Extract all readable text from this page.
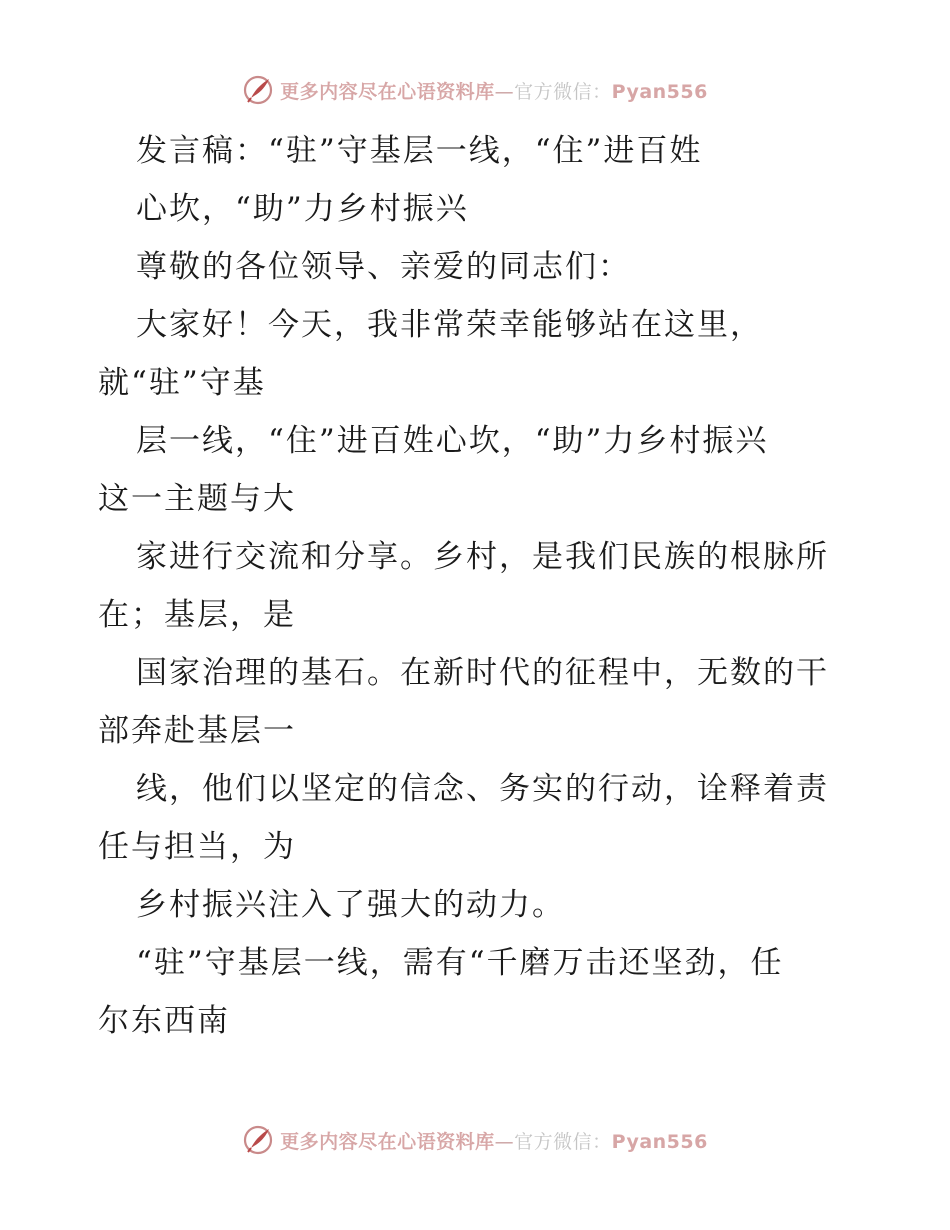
更多内容尽在心语资料库—官方微信：Pyan556
发言稿：“驻”守基层一线，“住”进百姓
心坎，“助”力乡村振兴
尊敬的各位领导、亲爱的同志们：
大家好！今天，我非常荣幸能够站在这里，
就“驻”守基
层一线，“住”进百姓心坎，“助”力乡村振兴
这一主题与大
家进行交流和分享。乡村，是我们民族的根脉所
在；基层，是
国家治理的基石。在新时代的征程中，无数的干
部奔赴基层一
线，他们以坚定的信念、务实的行动，诠释着责
任与担当，为
乡村振兴注入了强大的动力。
“驻”守基层一线，需有“千磨万击还坚劲，任
尔东西南
更多内容尽在心语资料库—官方微信：Pyan556
